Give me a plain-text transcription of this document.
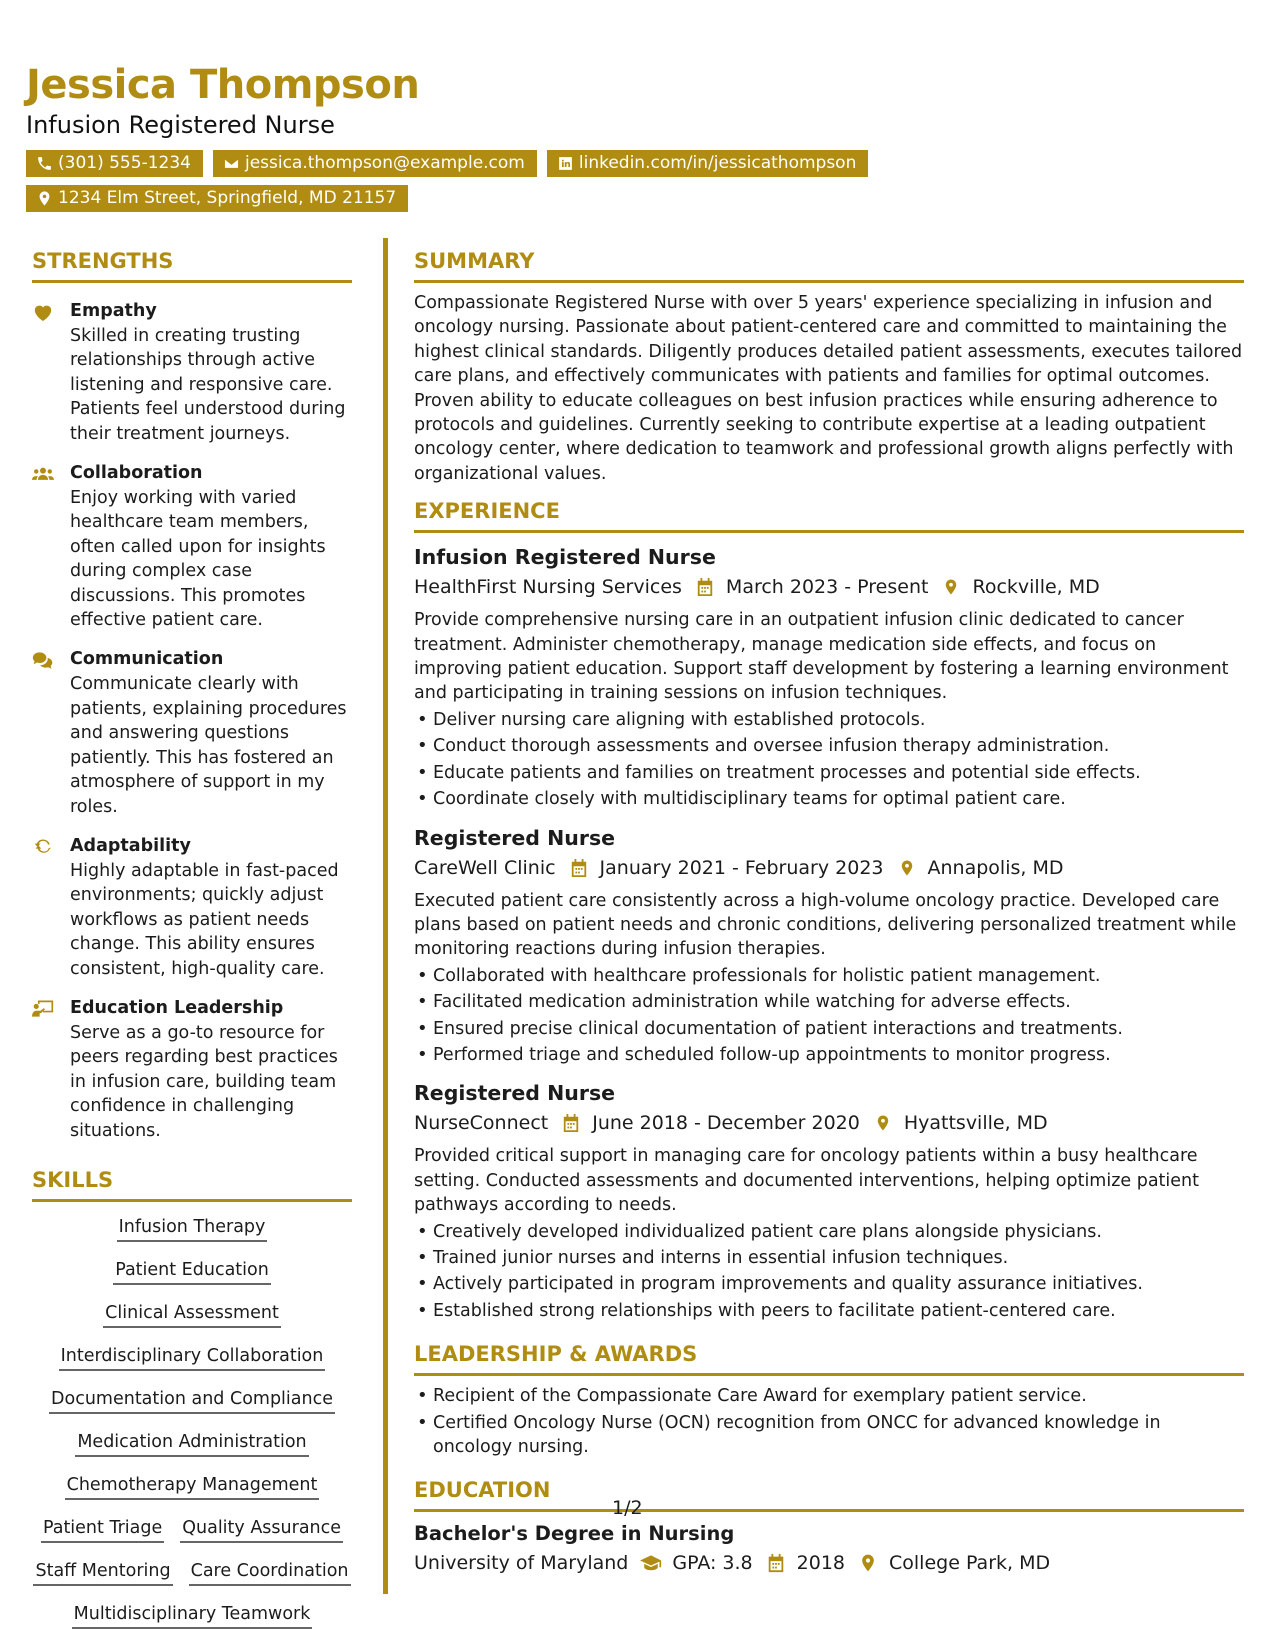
Jessica Thompson
Infusion Registered Nurse
(301) 555-1234	jessica.thompson@example.com	linkedin.com/in/jessicathompson
1234 Elm Street, Springfield, MD 21157
STRENGTHS
Empathy
Skilled in creating trusting relationships through active listening and responsive care. Patients feel understood during their treatment journeys.
Collaboration
Enjoy working with varied healthcare team members, often called upon for insights during complex case discussions. This promotes effective patient care.
Communication
Communicate clearly with patients, explaining procedures and answering questions patiently. This has fostered an atmosphere of support in my roles.
Adaptability
Highly adaptable in fast-paced environments; quickly adjust workflows as patient needs change. This ability ensures consistent, high-quality care.
Education Leadership
Serve as a go-to resource for peers regarding best practices in infusion care, building team confidence in challenging situations.
SKILLS
Infusion Therapy
Patient Education
Clinical Assessment
Interdisciplinary Collaboration
Documentation and Compliance
Medication Administration
Chemotherapy Management
Patient Triage Quality Assurance
Staff Mentoring Care Coordination
Multidisciplinary Teamwork
SUMMARY
Compassionate Registered Nurse with over 5 years' experience specializing in infusion and oncology nursing. Passionate about patient-centered care and committed to maintaining the highest clinical standards. Diligently produces detailed patient assessments, executes tailored care plans, and effectively communicates with patients and families for optimal outcomes. Proven ability to educate colleagues on best infusion practices while ensuring adherence to protocols and guidelines. Currently seeking to contribute expertise at a leading outpatient oncology center, where dedication to teamwork and professional growth aligns perfectly with organizational values.
EXPERIENCE
Infusion Registered Nurse
HealthFirst Nursing Services March 2023 - Present Rockville, MD
Provide comprehensive nursing care in an outpatient infusion clinic dedicated to cancer treatment. Administer chemotherapy, manage medication side effects, and focus on improving patient education. Support staff development by fostering a learning environment and participating in training sessions on infusion techniques.
• Deliver nursing care aligning with established protocols.
• Conduct thorough assessments and oversee infusion therapy administration.
• Educate patients and families on treatment processes and potential side effects.
• Coordinate closely with multidisciplinary teams for optimal patient care.
Registered Nurse
CareWell Clinic January 2021 - February 2023 Annapolis, MD
Executed patient care consistently across a high-volume oncology practice. Developed care plans based on patient needs and chronic conditions, delivering personalized treatment while monitoring reactions during infusion therapies.
• Collaborated with healthcare professionals for holistic patient management.
• Facilitated medication administration while watching for adverse effects.
• Ensured precise clinical documentation of patient interactions and treatments.
• Performed triage and scheduled follow-up appointments to monitor progress.
Registered Nurse
NurseConnect June 2018 - December 2020 Hyattsville, MD
Provided critical support in managing care for oncology patients within a busy healthcare setting. Conducted assessments and documented interventions, helping optimize patient pathways according to needs.
• Creatively developed individualized patient care plans alongside physicians.
• Trained junior nurses and interns in essential infusion techniques.
• Actively participated in program improvements and quality assurance initiatives.
• Established strong relationships with peers to facilitate patient-centered care.
LEADERSHIP & AWARDS
• Recipient of the Compassionate Care Award for exemplary patient service.
• Certified Oncology Nurse (OCN) recognition from ONCC for advanced knowledge in oncology nursing.
EDUCATION
Bachelor's Degree in Nursing
University of Maryland GPA: 3.8 2018 College Park, MD
1/2
